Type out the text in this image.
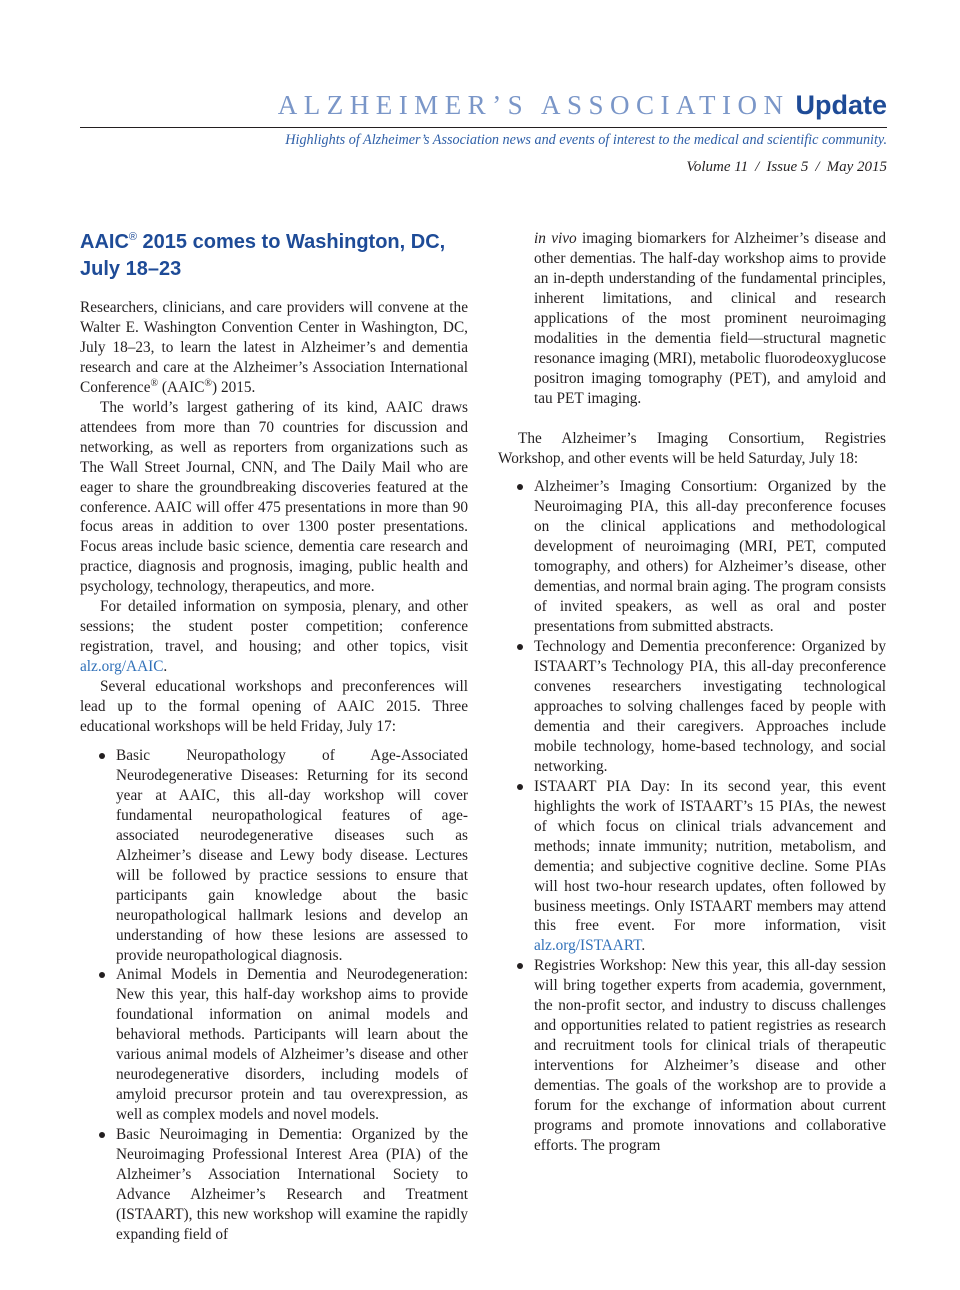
ALZHEIMER’S ASSOCIATION Update
Highlights of Alzheimer’s Association news and events of interest to the medical and scientific community.
Volume 11 / Issue 5 / May 2015
AAIC® 2015 comes to Washington, DC, July 18–23

Researchers, clinicians, and care providers will convene at the Walter E. Washington Convention Center in Washington, DC, July 18–23, to learn the latest in Alzheimer’s and dementia research and care at the Alzheimer’s Association International Conference® (AAIC®) 2015.

The world’s largest gathering of its kind, AAIC draws attendees from more than 70 countries for discussion and networking, as well as reporters from organizations such as The Wall Street Journal, CNN, and The Daily Mail who are eager to share the groundbreaking discoveries featured at the conference. AAIC will offer 475 presentations in more than 90 focus areas in addition to over 1300 poster presentations. Focus areas include basic science, dementia care research and practice, diagnosis and prognosis, imaging, public health and psychology, technology, therapeutics, and more.

For detailed information on symposia, plenary, and other sessions; the student poster competition; conference registration, travel, and housing; and other topics, visit alz.org/AAIC.

Several educational workshops and preconferences will lead up to the formal opening of AAIC 2015. Three educational workshops will be held Friday, July 17:

Basic Neuropathology of Age-Associated Neurodegenerative Diseases: Returning for its second year at AAIC, this all-day workshop will cover fundamental neuropathological features of age-associated neurodegenerative diseases such as Alzheimer’s disease and Lewy body disease. Lectures will be followed by practice sessions to ensure that participants gain knowledge about the basic neuropathological hallmark lesions and develop an understanding of how these lesions are assessed to provide neuropathological diagnosis.
Animal Models in Dementia and Neurodegeneration: New this year, this half-day workshop aims to provide foundational information on animal models and behavioral methods. Participants will learn about the various animal models of Alzheimer’s disease and other neurodegenerative disorders, including models of amyloid precursor protein and tau overexpression, as well as complex models and novel models.
Basic Neuroimaging in Dementia: Organized by the Neuroimaging Professional Interest Area (PIA) of the Alzheimer’s Association International Society to Advance Alzheimer’s Research and Treatment (ISTAART), this new workshop will examine the rapidly expanding field of

in vivo imaging biomarkers for Alzheimer’s disease and other dementias. The half-day workshop aims to provide an in-depth understanding of the fundamental principles, inherent limitations, and clinical and research applications of the most prominent neuroimaging modalities in the dementia field—structural magnetic resonance imaging (MRI), metabolic fluorodeoxyglucose positron imaging tomography (PET), and amyloid and tau PET imaging.

The Alzheimer’s Imaging Consortium, Registries Workshop, and other events will be held Saturday, July 18:

Alzheimer’s Imaging Consortium: Organized by the Neuroimaging PIA, this all-day preconference focuses on the clinical applications and methodological development of neuroimaging (MRI, PET, computed tomography, and others) for Alzheimer’s disease, other dementias, and normal brain aging. The program consists of invited speakers, as well as oral and poster presentations from submitted abstracts.
Technology and Dementia preconference: Organized by ISTAART’s Technology PIA, this all-day preconference convenes researchers investigating technological approaches to solving challenges faced by people with dementia and their caregivers. Approaches include mobile technology, home-based technology, and social networking.
ISTAART PIA Day: In its second year, this event highlights the work of ISTAART’s 15 PIAs, the newest of which focus on clinical trials advancement and methods; innate immunity; nutrition, metabolism, and dementia; and subjective cognitive decline. Some PIAs will host two-hour research updates, often followed by business meetings. Only ISTAART members may attend this free event. For more information, visit alz.org/ISTAART.
Registries Workshop: New this year, this all-day session will bring together experts from academia, government, the non-profit sector, and industry to discuss challenges and opportunities related to patient registries as research and recruitment tools for clinical trials of therapeutic interventions for Alzheimer’s disease and other dementias. The goals of the workshop are to provide a forum for the exchange of information about current programs and promote innovations and collaborative efforts. The program
